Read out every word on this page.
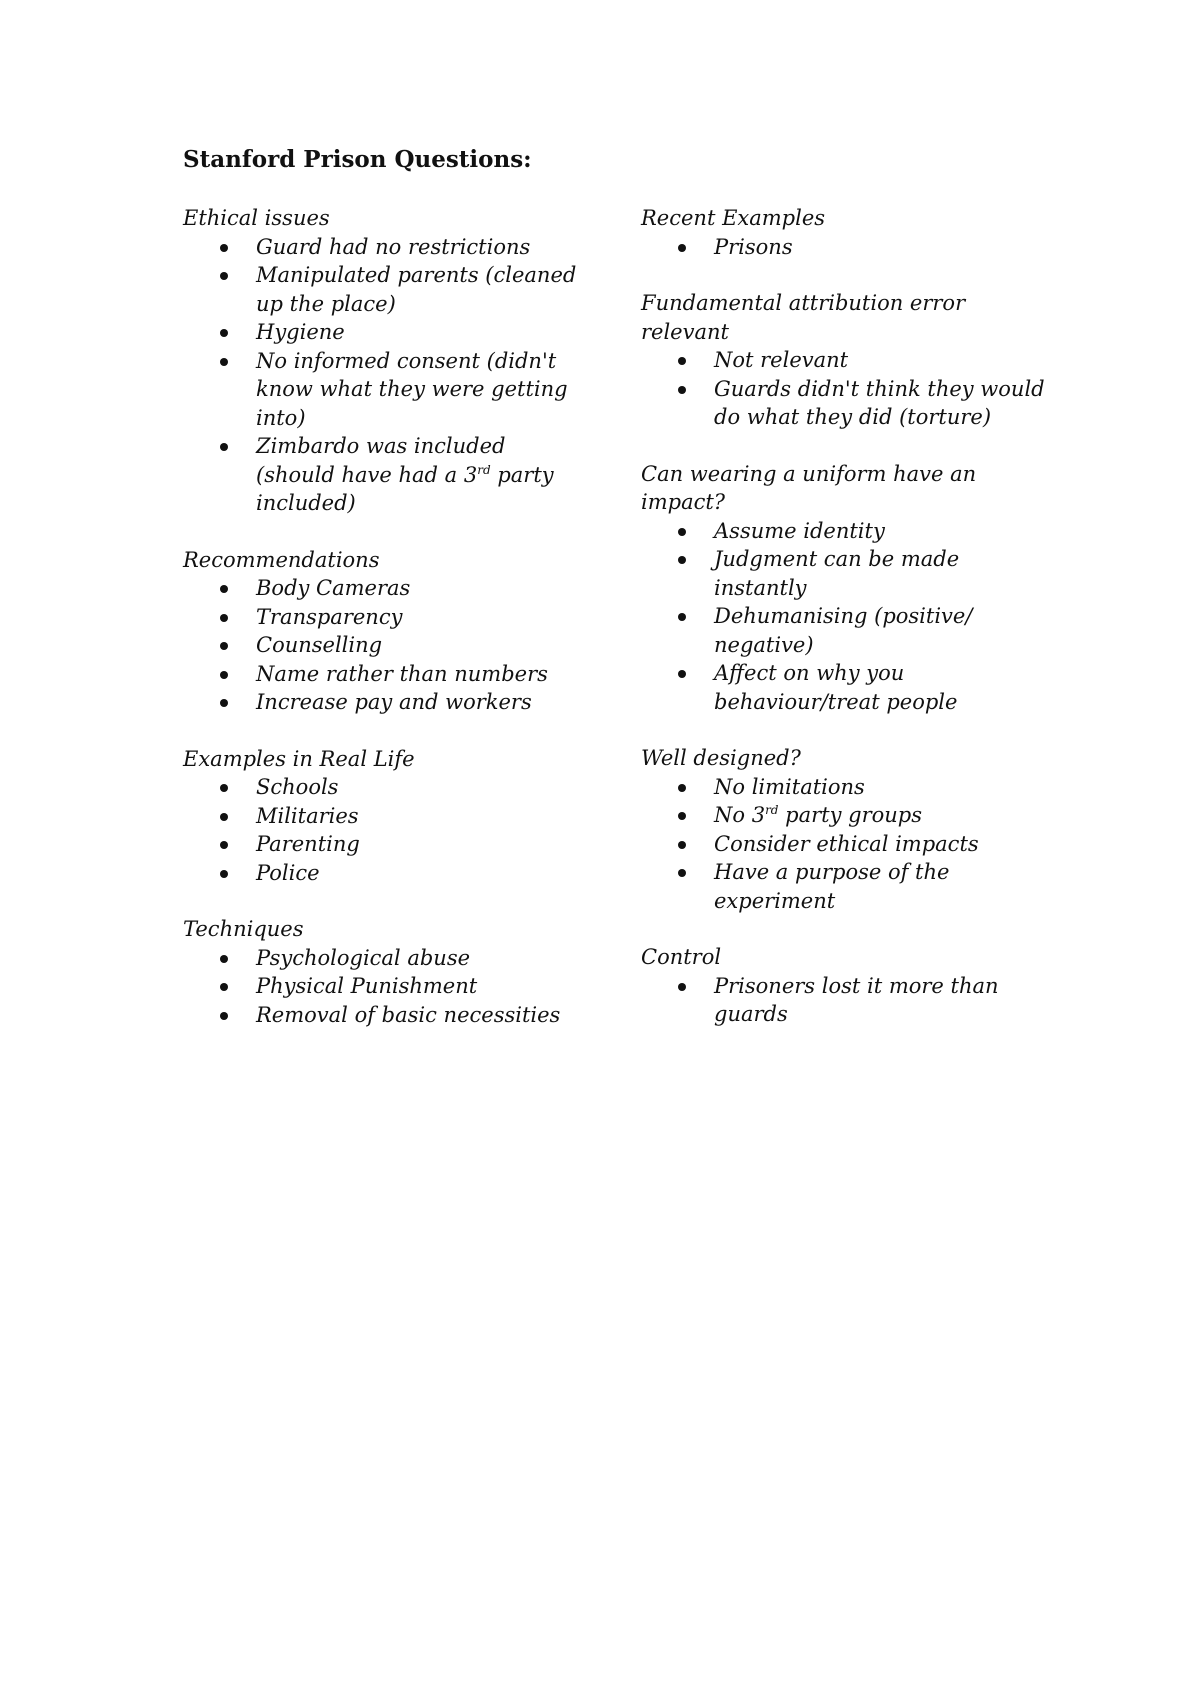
Stanford Prison Questions:
Ethical issues
Guard had no restrictions
Manipulated parents (cleaned up the place)
Hygiene
No informed consent (didn't know what they were getting into)
Zimbardo was included (should have had a 3rd party included)
Recommendations
Body Cameras
Transparency
Counselling
Name rather than numbers
Increase pay and workers
Examples in Real Life
Schools
Militaries
Parenting
Police
Techniques
Psychological abuse
Physical Punishment
Removal of basic necessities
Recent Examples
Prisons
Fundamental attribution error relevant
Not relevant
Guards didn't think they would do what they did (torture)
Can wearing a uniform have an impact?
Assume identity
Judgment can be made instantly
Dehumanising (positive/ negative)
Affect on why you behaviour/treat people
Well designed?
No limitations
No 3rd party groups
Consider ethical impacts
Have a purpose of the experiment
Control
Prisoners lost it more than guards
